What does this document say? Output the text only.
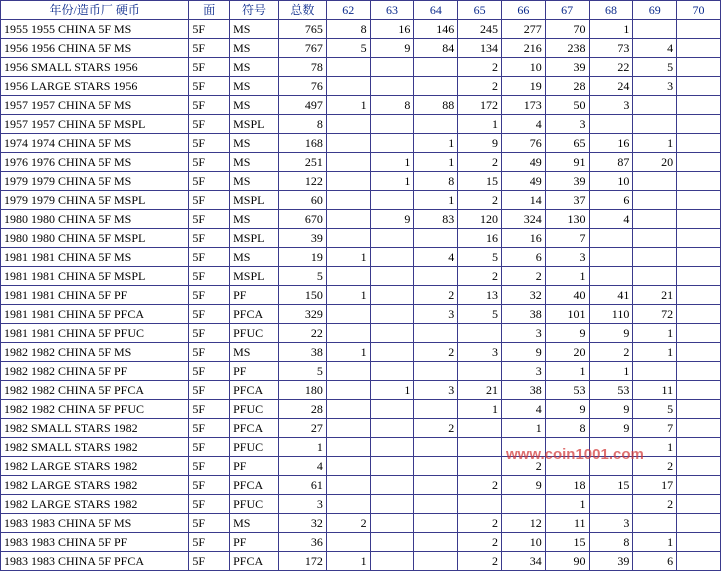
年份/造币厂 硬币	面	符号	总数	62	63	64	65	66	67	68	69	70
1955 1955 CHINA 5F MS	5F	MS	765	8	16	146	245	277	70	1		
1956 1956 CHINA 5F MS	5F	MS	767	5	9	84	134	216	238	73	4	
1956 SMALL STARS 1956	5F	MS	78				2	10	39	22	5	
1956 LARGE STARS 1956	5F	MS	76				2	19	28	24	3	
1957 1957 CHINA 5F MS	5F	MS	497	1	8	88	172	173	50	3		
1957 1957 CHINA 5F MSPL	5F	MSPL	8				1	4	3			
1974 1974 CHINA 5F MS	5F	MS	168			1	9	76	65	16	1	
1976 1976 CHINA 5F MS	5F	MS	251		1	1	2	49	91	87	20	
1979 1979 CHINA 5F MS	5F	MS	122		1	8	15	49	39	10		
1979 1979 CHINA 5F MSPL	5F	MSPL	60			1	2	14	37	6		
1980 1980 CHINA 5F MS	5F	MS	670		9	83	120	324	130	4		
1980 1980 CHINA 5F MSPL	5F	MSPL	39				16	16	7			
1981 1981 CHINA 5F MS	5F	MS	19	1		4	5	6	3			
1981 1981 CHINA 5F MSPL	5F	MSPL	5				2	2	1			
1981 1981 CHINA 5F PF	5F	PF	150	1		2	13	32	40	41	21	
1981 1981 CHINA 5F PFCA	5F	PFCA	329			3	5	38	101	110	72	
1981 1981 CHINA 5F PFUC	5F	PFUC	22					3	9	9	1	
1982 1982 CHINA 5F MS	5F	MS	38	1		2	3	9	20	2	1	
1982 1982 CHINA 5F PF	5F	PF	5					3	1	1		
1982 1982 CHINA 5F PFCA	5F	PFCA	180		1	3	21	38	53	53	11	
1982 1982 CHINA 5F PFUC	5F	PFUC	28				1	4	9	9	5	
1982 SMALL STARS 1982	5F	PFCA	27			2		1	8	9	7	
1982 SMALL STARS 1982	5F	PFUC	1								1	
1982 LARGE STARS 1982	5F	PF	4					2			2	
1982 LARGE STARS 1982	5F	PFCA	61				2	9	18	15	17	
1982 LARGE STARS 1982	5F	PFUC	3						1		2	
1983 1983 CHINA 5F MS	5F	MS	32	2			2	12	11	3		
1983 1983 CHINA 5F PF	5F	PF	36				2	10	15	8	1	
1983 1983 CHINA 5F PFCA	5F	PFCA	172	1			2	34	90	39	6	
www.coin1001.com
